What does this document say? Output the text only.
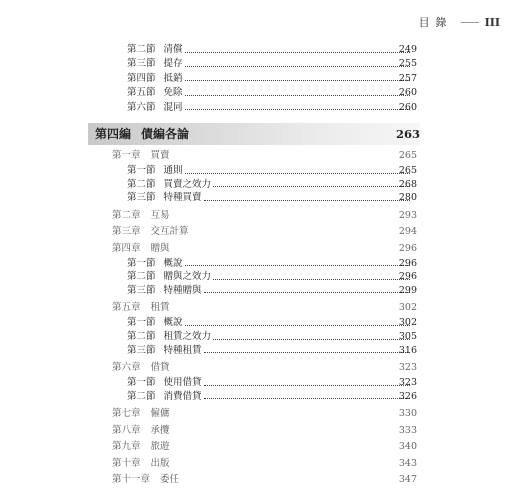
目錄	III
第四編 債編各論	263
第二節 清償	249
第三節 提存	255
第四節 抵銷	257
第五節 免除	260
第六節 混同	260
第一章 買賣	265
第一節 通則	265
第二節 買賣之效力	268
第三節 特種買賣	280
第二章 互易	293
第三章 交互計算	294
第四章 贈與	296
第一節 概說	296
第二節 贈與之效力	296
第三節 特種贈與	299
第五章 租賃	302
第一節 概說	302
第二節 租賃之效力	305
第三節 特種租賃	316
第六章 借貸	323
第一節 使用借貸	323
第二節 消費借貸	326
第七章 僱傭	330
第八章 承攬	333
第九章 旅遊	340
第十章 出版	343
第十一章 委任	347
